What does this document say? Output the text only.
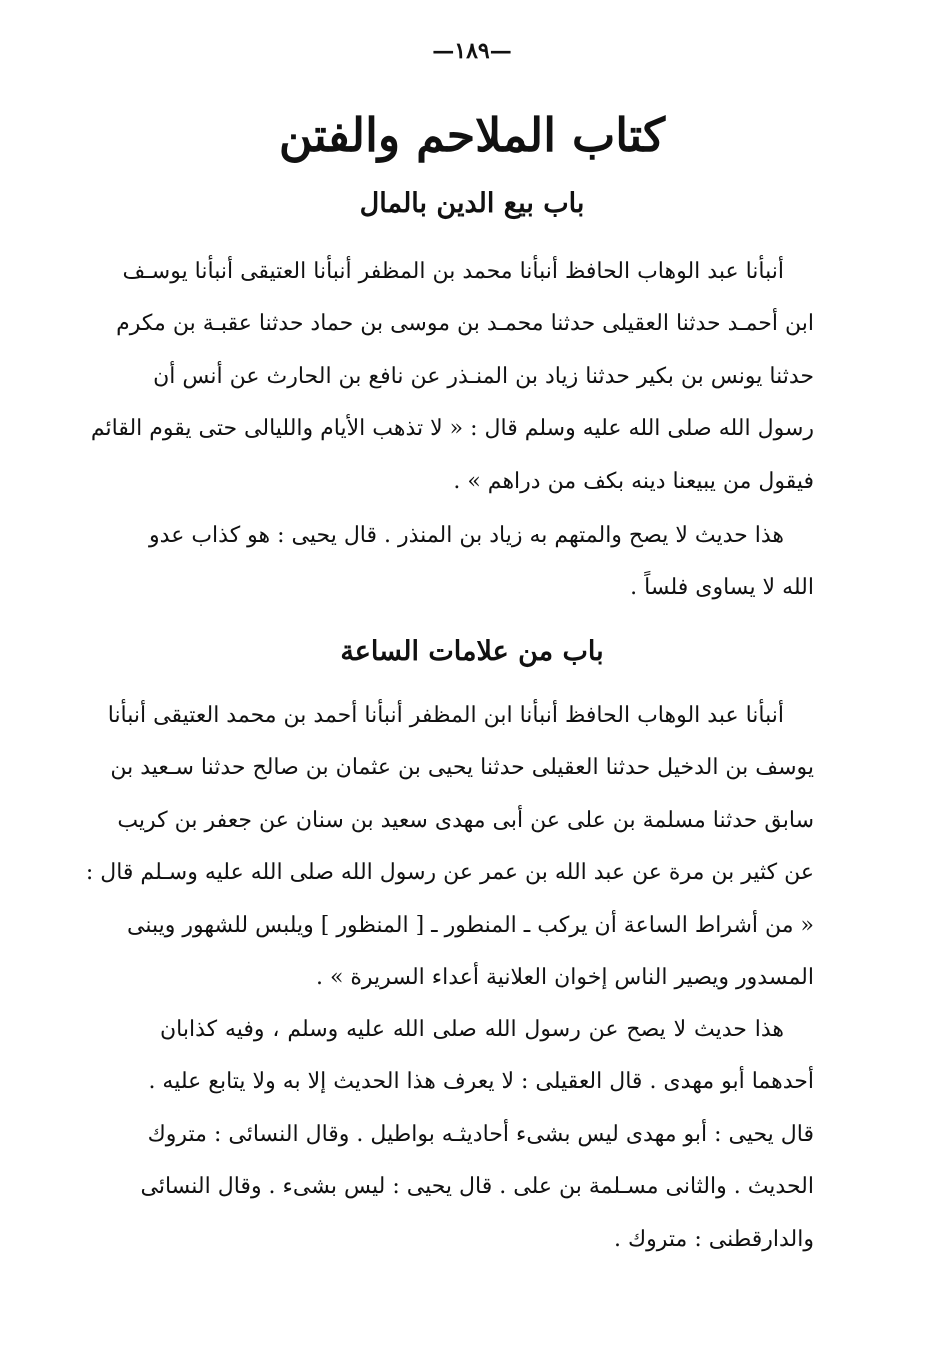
—١٨٩—
كتاب الملاحم والفتن
باب بيع الدين بالمال
أنبأنا عبد الوهاب الحافظ أنبأنا محمد بن المظفر أنبأنا العتيقى أنبأنا يوسـف
ابن أحمـد حدثنا العقيلى حدثنا محمـد بن موسى بن حماد حدثنا عقبـة بن مكرم
حدثنا يونس بن بكير حدثنا زياد بن المنـذر عن نافع بن الحارث عن أنس أن
رسول الله صلى الله عليه وسلم قال : « لا تذهب الأيام والليالى حتى يقوم القائم
فيقول من يبيعنا دينه بكف من دراهم » .
هذا حديث لا يصح والمتهم به زياد بن المنذر . قال يحيى : هو كذاب عدو
الله لا يساوى فلساً .
باب من علامات الساعة
أنبأنا عبد الوهاب الحافظ أنبأنا ابن المظفر أنبأنا أحمد بن محمد العتيقى أنبأنا
يوسف بن الدخيل حدثنا العقيلى حدثنا يحيى بن عثمان بن صالح حدثنا سـعيد بن
سابق حدثنا مسلمة بن على عن أبى مهدى سعيد بن سنان عن جعفر بن كريب
عن كثير بن مرة عن عبد الله بن عمر عن رسول الله صلى الله عليه وسـلم قال :
« من أشراط الساعة أن يركب ـ المنطور ـ [ المنظور ] ويلبس للشهور ويبنى
المسدور ويصير الناس إخوان العلانية أعداء السريرة » .
هذا حديث لا يصح عن رسول الله صلى الله عليه وسلم ، وفيه كذابان
أحدهما أبو مهدى . قال العقيلى : لا يعرف هذا الحديث إلا به ولا يتابع عليه .
قال يحيى : أبو مهدى ليس بشىء أحاديثـه بواطيل . وقال النسائى : متروك
الحديث . والثانى مسـلمة بن على . قال يحيى : ليس بشىء . وقال النسائى
والدارقطنى : متروك .
